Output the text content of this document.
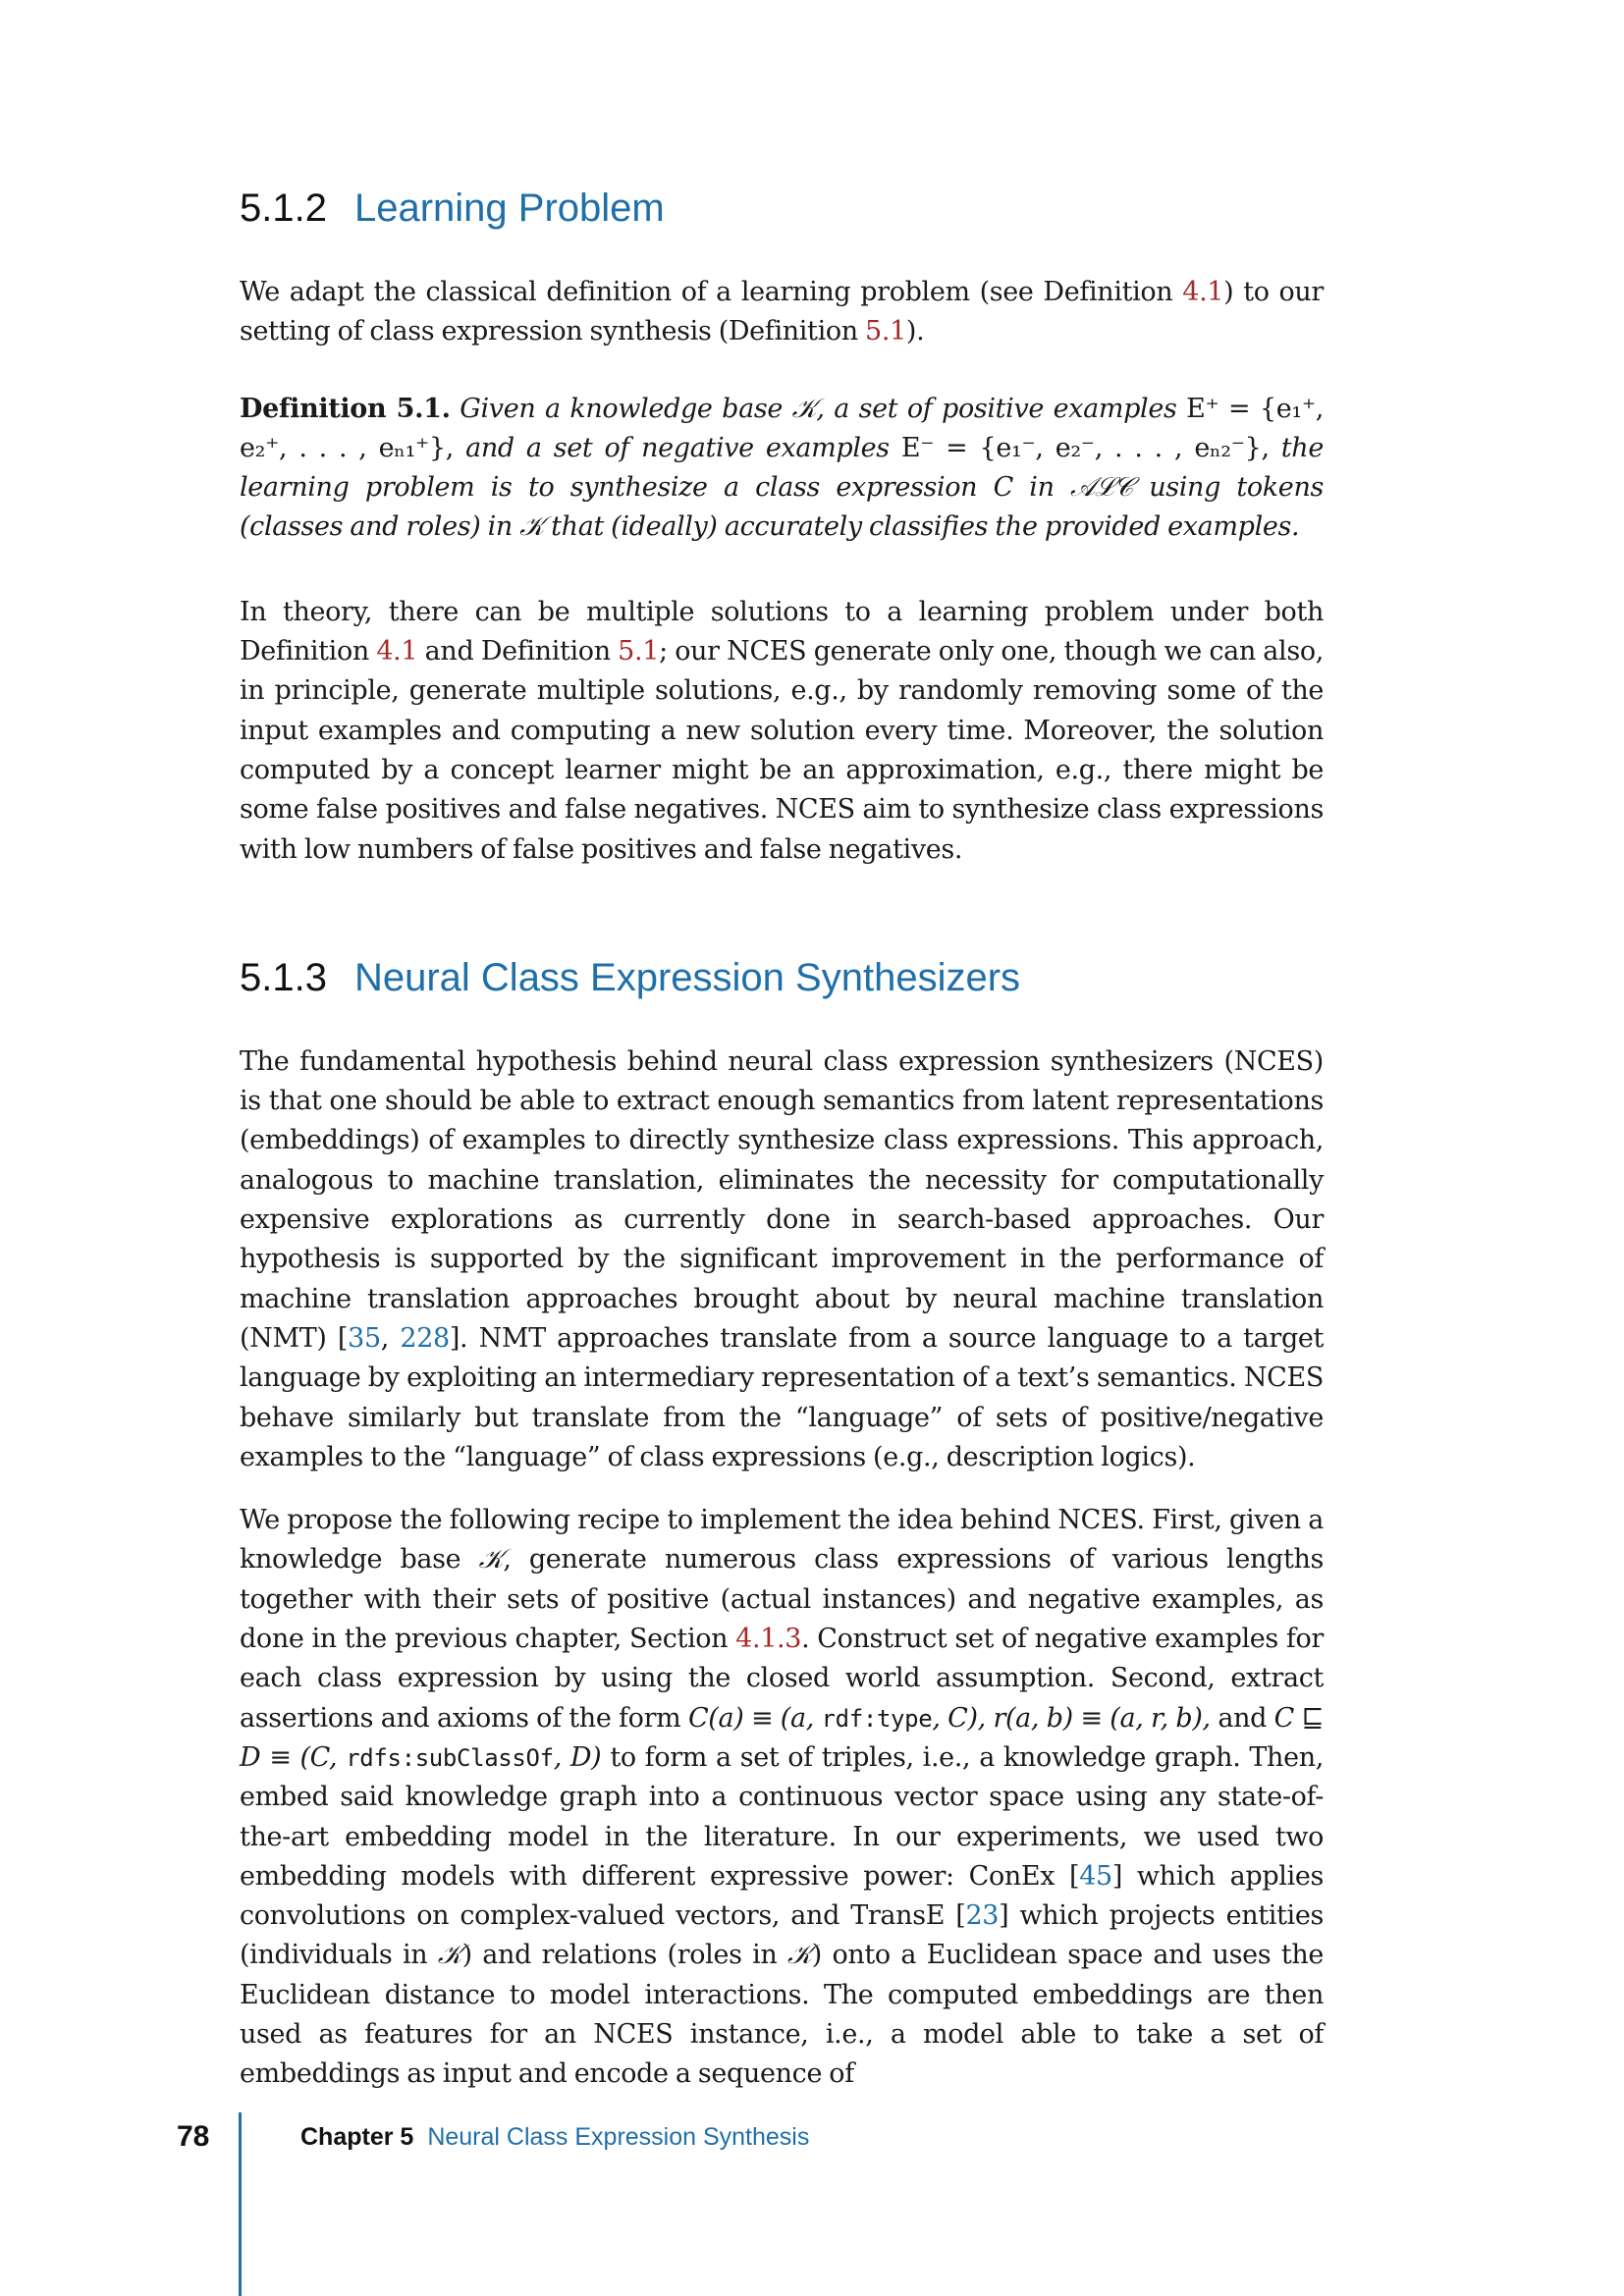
5.1.2 Learning Problem

We adapt the classical definition of a learning problem (see Definition 4.1) to our setting of class expression synthesis (Definition 5.1).

Definition 5.1. Given a knowledge base 𝒦, a set of positive examples E⁺ = {e₁⁺, e₂⁺, . . . , eₙ₁⁺}, and a set of negative examples E⁻ = {e₁⁻, e₂⁻, . . . , eₙ₂⁻}, the learning problem is to synthesize a class expression C in 𝒜ℒ𝒞 using tokens (classes and roles) in 𝒦 that (ideally) accurately classifies the provided examples.

In theory, there can be multiple solutions to a learning problem under both Definition 4.1 and Definition 5.1; our NCES generate only one, though we can also, in principle, generate multiple solutions, e.g., by randomly removing some of the input examples and computing a new solution every time. Moreover, the solution computed by a concept learner might be an approximation, e.g., there might be some false positives and false negatives. NCES aim to synthesize class expressions with low numbers of false positives and false negatives.

5.1.3 Neural Class Expression Synthesizers

The fundamental hypothesis behind neural class expression synthesizers (NCES) is that one should be able to extract enough semantics from latent representations (embeddings) of examples to directly synthesize class expressions. This approach, analogous to machine translation, eliminates the necessity for computationally expensive explorations as currently done in search-based approaches. Our hypothesis is supported by the significant improvement in the performance of machine translation approaches brought about by neural machine translation (NMT) [35, 228]. NMT approaches translate from a source language to a target language by exploiting an intermediary representation of a text’s semantics. NCES behave similarly but translate from the “language” of sets of positive/negative examples to the “language” of class expressions (e.g., description logics).

We propose the following recipe to implement the idea behind NCES. First, given a knowledge base 𝒦, generate numerous class expressions of various lengths together with their sets of positive (actual instances) and negative examples, as done in the previous chapter, Section 4.1.3. Construct set of negative examples for each class expression by using the closed world assumption. Second, extract assertions and axioms of the form C(a) ≡ (a, rdf:type, C), r(a, b) ≡ (a, r, b), and C ⊑ D ≡ (C, rdfs:subClassOf, D) to form a set of triples, i.e., a knowledge graph. Then, embed said knowledge graph into a continuous vector space using any state-of-the-art embedding model in the literature. In our experiments, we used two embedding models with different expressive power: ConEx [45] which applies convolutions on complex-valued vectors, and TransE [23] which projects entities (individuals in 𝒦) and relations (roles in 𝒦) onto a Euclidean space and uses the Euclidean distance to model interactions. The computed embeddings are then used as features for an NCES instance, i.e., a model able to take a set of embeddings as input and encode a sequence of

78	Chapter 5 Neural Class Expression Synthesis
